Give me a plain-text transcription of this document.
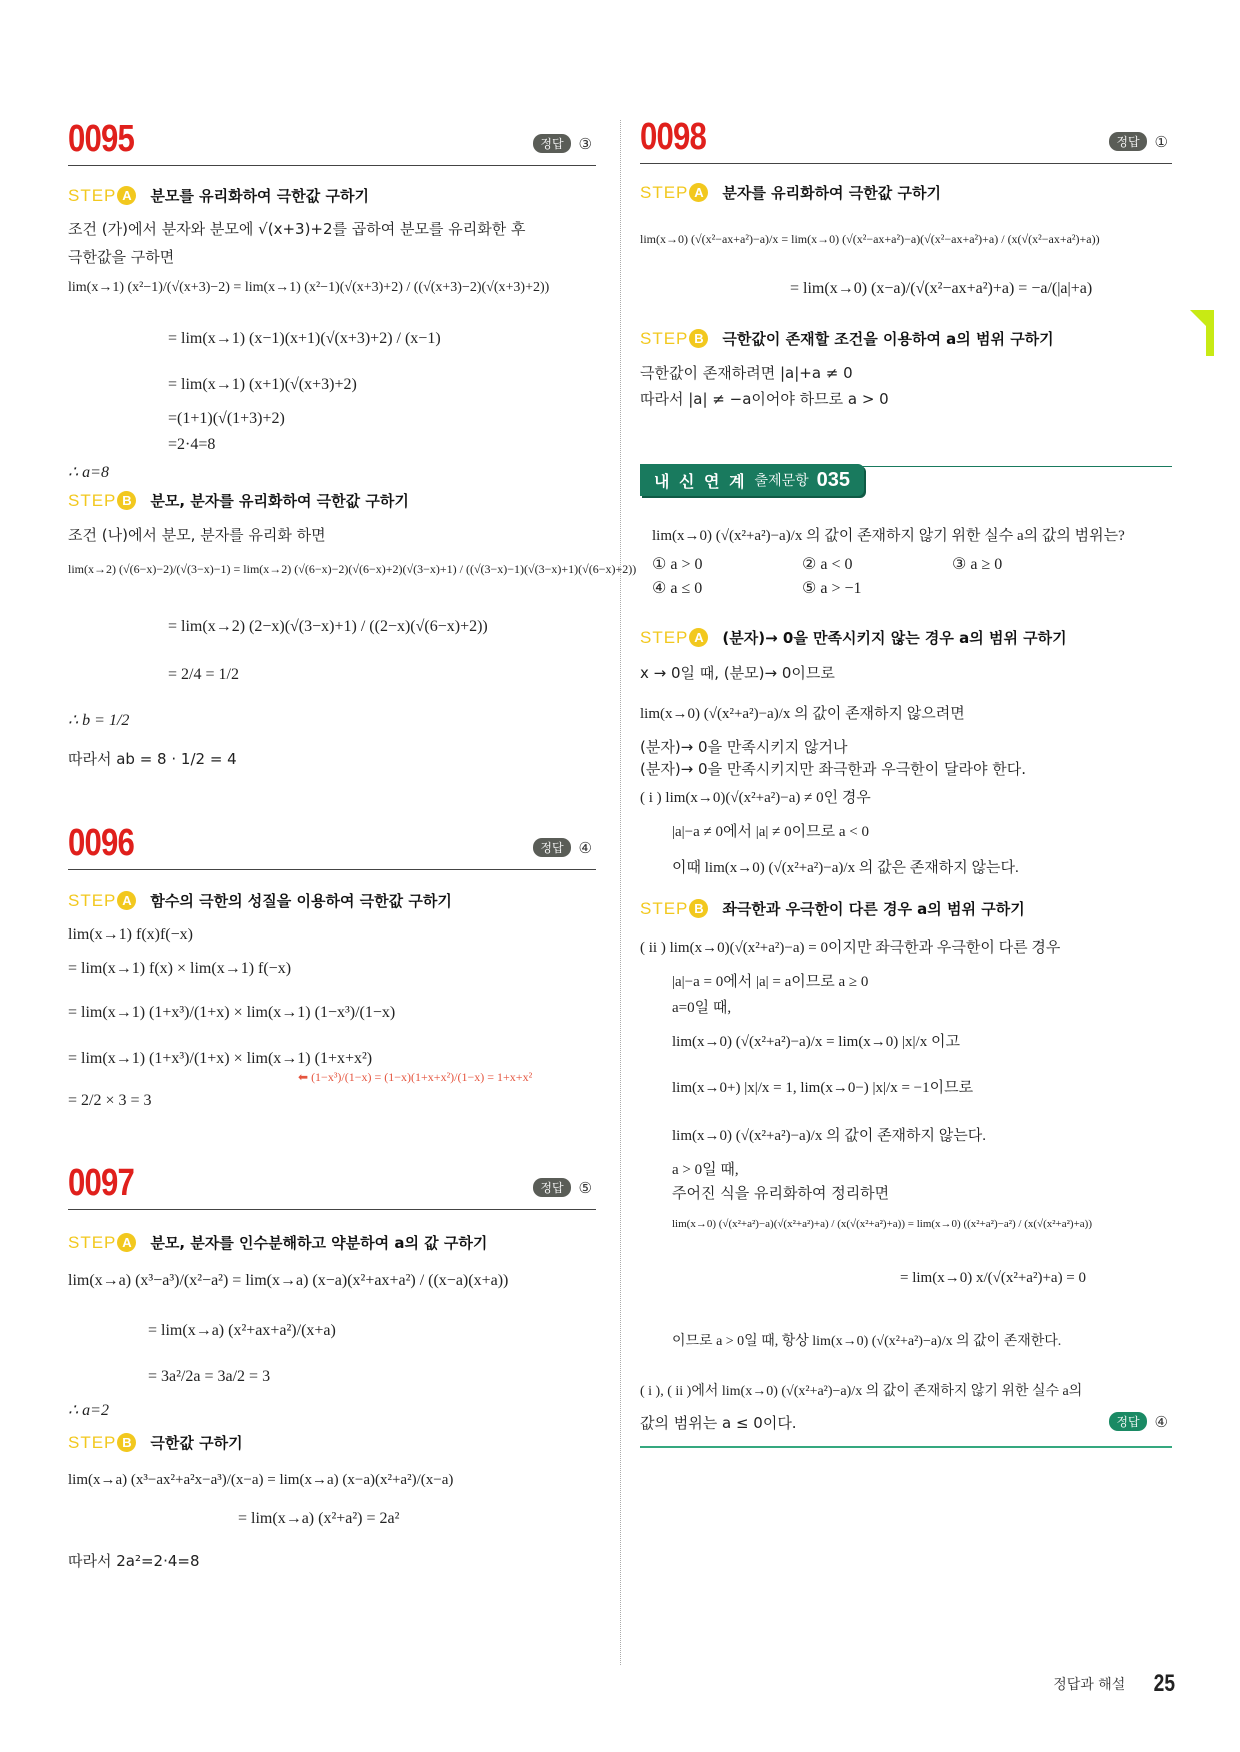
0095	정답	③
STEP A	분모를 유리화하여 극한값 구하기
조건 (가)에서 분자와 분모에 √(x+3)+2를 곱하여 분모를 유리화한 후
극한값을 구하면
lim(x→1) (x²−1)/(√(x+3)−2) = lim(x→1) (x²−1)(√(x+3)+2) / ((√(x+3)−2)(√(x+3)+2))
= lim(x→1) (x−1)(x+1)(√(x+3)+2) / (x−1)
= lim(x→1) (x+1)(√(x+3)+2)
=(1+1)(√(1+3)+2)
=2·4=8
∴ a=8
STEP B	분모, 분자를 유리화하여 극한값 구하기
조건 (나)에서 분모, 분자를 유리화 하면
lim(x→2) (√(6−x)−2)/(√(3−x)−1) = lim(x→2) (√(6−x)−2)(√(6−x)+2)(√(3−x)+1) / ((√(3−x)−1)(√(3−x)+1)(√(6−x)+2))
= lim(x→2) (2−x)(√(3−x)+1) / ((2−x)(√(6−x)+2))
= 2/4 = 1/2
∴ b = 1/2
따라서 ab = 8 · 1/2 = 4
0096	정답	④
STEP A	함수의 극한의 성질을 이용하여 극한값 구하기
lim(x→1) f(x)f(−x)
= lim(x→1) f(x) × lim(x→1) f(−x)
= lim(x→1) (1+x³)/(1+x) × lim(x→1) (1−x³)/(1−x)
= lim(x→1) (1+x³)/(1+x) × lim(x→1) (1+x+x²)
⬅ (1−x³)/(1−x) = (1−x)(1+x+x²)/(1−x) = 1+x+x²
= 2/2 × 3 = 3
0097	정답	⑤
STEP A	분모, 분자를 인수분해하고 약분하여 a의 값 구하기
lim(x→a) (x³−a³)/(x²−a²) = lim(x→a) (x−a)(x²+ax+a²) / ((x−a)(x+a))
= lim(x→a) (x²+ax+a²)/(x+a)
= 3a²/2a = 3a/2 = 3
∴ a=2
STEP B	극한값 구하기
lim(x→a) (x³−ax²+a²x−a³)/(x−a) = lim(x→a) (x−a)(x²+a²)/(x−a)
= lim(x→a) (x²+a²) = 2a²
따라서 2a²=2·4=8
0098	정답	①
STEP A	분자를 유리화하여 극한값 구하기
lim(x→0) (√(x²−ax+a²)−a)/x = lim(x→0) (√(x²−ax+a²)−a)(√(x²−ax+a²)+a) / (x(√(x²−ax+a²)+a))
= lim(x→0) (x−a)/(√(x²−ax+a²)+a) = −a/(|a|+a)
STEP B	극한값이 존재할 조건을 이용하여 a의 범위 구하기
극한값이 존재하려면 |a|+a ≠ 0
따라서 |a| ≠ −a이어야 하므로 a > 0
내 신 연 계 출제문항 035
lim(x→0) (√(x²+a²)−a)/x 의 값이 존재하지 않기 위한 실수 a의 값의 범위는?
① a > 0	② a < 0	③ a ≥ 0
④ a ≤ 0	⑤ a > −1
STEP A	(분자)→ 0을 만족시키지 않는 경우 a의 범위 구하기
x → 0일 때, (분모)→ 0이므로
lim(x→0) (√(x²+a²)−a)/x 의 값이 존재하지 않으려면
(분자)→ 0을 만족시키지 않거나
(분자)→ 0을 만족시키지만 좌극한과 우극한이 달라야 한다.
( i ) lim(x→0)(√(x²+a²)−a) ≠ 0인 경우
|a|−a ≠ 0에서 |a| ≠ 0이므로 a < 0
이때 lim(x→0) (√(x²+a²)−a)/x 의 값은 존재하지 않는다.
STEP B	좌극한과 우극한이 다른 경우 a의 범위 구하기
( ii ) lim(x→0)(√(x²+a²)−a) = 0이지만 좌극한과 우극한이 다른 경우
|a|−a = 0에서 |a| = a이므로 a ≥ 0
a=0일 때,
lim(x→0) (√(x²+a²)−a)/x = lim(x→0) |x|/x 이고
lim(x→0+) |x|/x = 1, lim(x→0−) |x|/x = −1이므로
lim(x→0) (√(x²+a²)−a)/x 의 값이 존재하지 않는다.
a > 0일 때,
주어진 식을 유리화하여 정리하면
lim(x→0) (√(x²+a²)−a)(√(x²+a²)+a) / (x(√(x²+a²)+a)) = lim(x→0) ((x²+a²)−a²) / (x(√(x²+a²)+a))
= lim(x→0) x/(√(x²+a²)+a) = 0
이므로 a > 0일 때, 항상 lim(x→0) (√(x²+a²)−a)/x 의 값이 존재한다.
( i ), ( ii )에서 lim(x→0) (√(x²+a²)−a)/x 의 값이 존재하지 않기 위한 실수 a의
값의 범위는 a ≤ 0이다.	정답	④
정답과 해설 25
